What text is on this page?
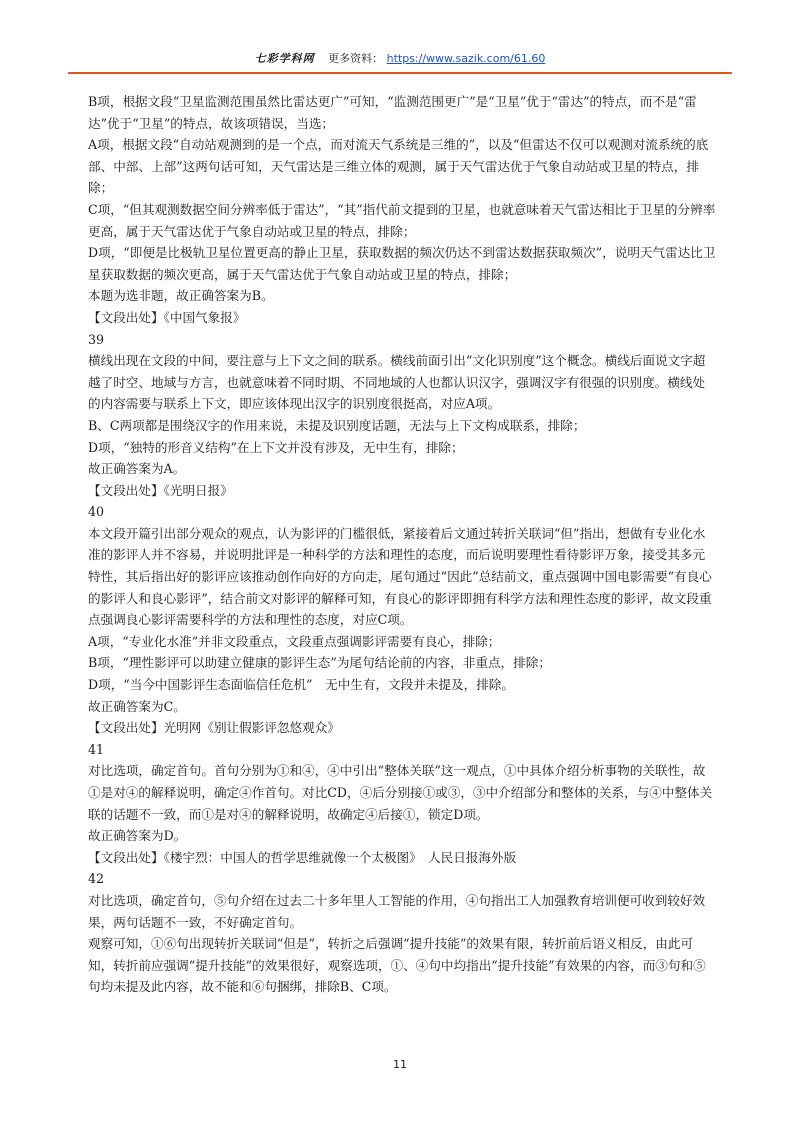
七彩学科网 更多资料： https://www.sazik.com/61.60

B项，根据文段“卫星监测范围虽然比雷达更广”可知，“监测范围更广”是“卫星”优于“雷达”的特点，而不是“雷达”优于“卫星”的特点，故该项错误，当选；

A项，根据文段“自动站观测到的是一个点，而对流天气系统是三维的”，以及“但雷达不仅可以观测对流系统的底部、中部、上部”这两句话可知，天气雷达是三维立体的观测，属于天气雷达优于气象自动站或卫星的特点，排除；

C项，“但其观测数据空间分辨率低于雷达”，“其”指代前文提到的卫星，也就意味着天气雷达相比于卫星的分辨率更高，属于天气雷达优于气象自动站或卫星的特点，排除；

D项，“即便是比极轨卫星位置更高的静止卫星，获取数据的频次仍达不到雷达数据获取频次”，说明天气雷达比卫星获取数据的频次更高，属于天气雷达优于气象自动站或卫星的特点，排除；

本题为选非题，故正确答案为B。

【文段出处】《中国气象报》

39

横线出现在文段的中间，要注意与上下文之间的联系。横线前面引出“文化识别度”这个概念。横线后面说文字超越了时空、地域与方言，也就意味着不同时期、不同地域的人也都认识汉字，强调汉字有很强的识别度。横线处的内容需要与联系上下文，即应该体现出汉字的识别度很挺高，对应A项。

B、C两项都是围绕汉字的作用来说，未提及识别度话题，无法与上下文构成联系，排除；

D项，“独特的形音义结构”在上下文并没有涉及，无中生有，排除；

故正确答案为A。

【文段出处】《光明日报》

40

本文段开篇引出部分观众的观点，认为影评的门槛很低，紧接着后文通过转折关联词“但”指出，想做有专业化水准的影评人并不容易，并说明批评是一种科学的方法和理性的态度，而后说明要理性看待影评万象，接受其多元特性，其后指出好的影评应该推动创作向好的方向走，尾句通过“因此”总结前文，重点强调中国电影需要“有良心的影评人和良心影评”，结合前文对影评的解释可知，有良心的影评即拥有科学方法和理性态度的影评，故文段重点强调良心影评需要科学的方法和理性的态度，对应C项。

A项，“专业化水准”并非文段重点，文段重点强调影评需要有良心，排除；

B项，“理性影评可以助建立健康的影评生态”为尾句结论前的内容，非重点，排除；

D项，“当今中国影评生态面临信任危机”　无中生有，文段并未提及，排除。

故正确答案为C。

【文段出处】光明网《别让假影评忽悠观众》

41

对比选项，确定首句。首句分别为①和④，④中引出“整体关联”这一观点，①中具体介绍分析事物的关联性，故①是对④的解释说明，确定④作首句。对比CD，④后分别接①或③，③中介绍部分和整体的关系，与④中整体关联的话题不一致，而①是对④的解释说明，故确定④后接①，锁定D项。

故正确答案为D。

【文段出处】《楼宇烈：中国人的哲学思维就像一个太极图》　人民日报海外版

42

对比选项，确定首句，⑤句介绍在过去二十多年里人工智能的作用，④句指出工人加强教育培训便可收到较好效果，两句话题不一致，不好确定首句。

观察可知，①⑥句出现转折关联词“但是”，转折之后强调“提升技能”的效果有限，转折前后语义相反，由此可知，转折前应强调“提升技能”的效果很好，观察选项，①、④句中均指出“提升技能”有效果的内容，而③句和⑤句均未提及此内容，故不能和⑥句捆绑，排除B、C项。

11
